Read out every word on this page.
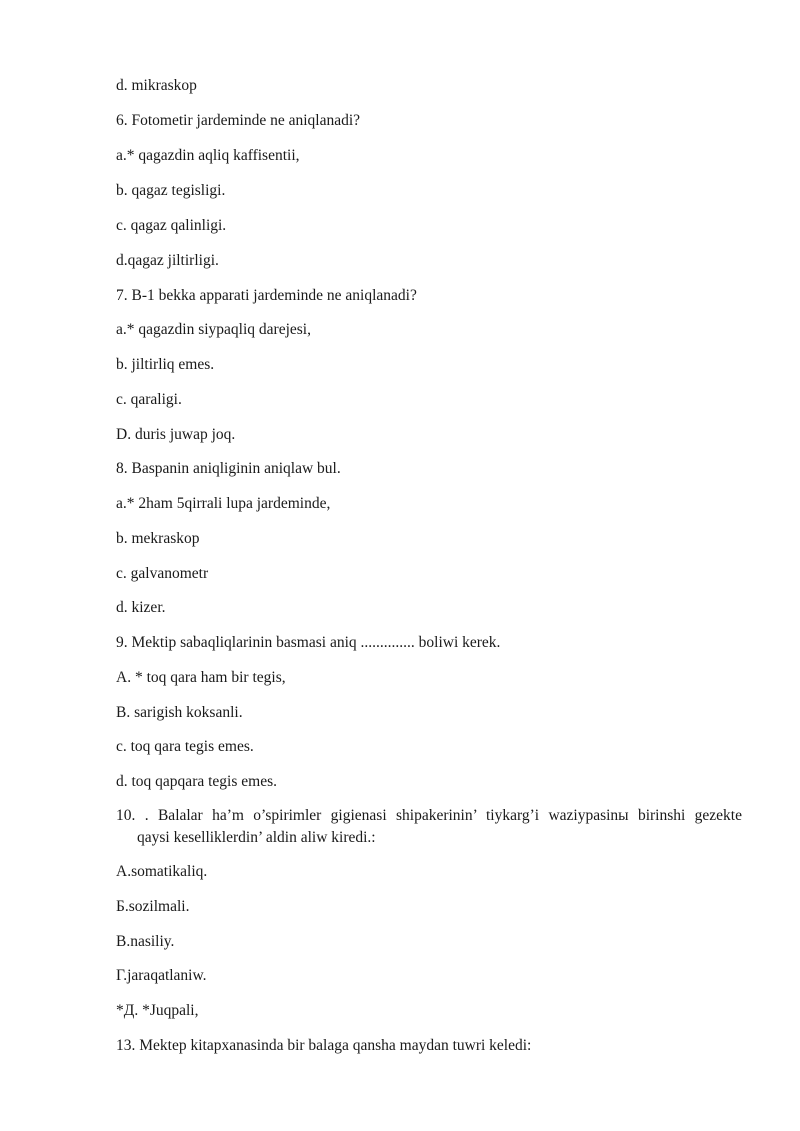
d. mikraskop
6. Fotometir jardeminde ne aniqlanadi?
a.* qagazdin aqliq kaffisentii,
b. qagaz tegisligi.
c. qagaz qalinligi.
d.qagaz jiltirligi.
7. B-1 bekka apparati jardeminde ne aniqlanadi?
a.* qagazdin siypaqliq darejesi,
b. jiltirliq emes.
c. qaraligi.
D. duris juwap joq.
8. Baspanin aniqliginin aniqlaw bul.
a.* 2ham 5qirrali lupa jardeminde,
b. mekraskop
c. galvanometr
d. kizer.
9. Mektip sabaqliqlarinin basmasi aniq .............. boliwi kerek.
A. * toq qara ham bir tegis,
B. sarigish koksanli.
c. toq qara tegis emes.
d. toq qapqara tegis emes.
10. . Balalar ha’m o’spirimler gigienasi shipakerinin’ tiykarg’i waziypasinы birinshi gezekte
qaysi keselliklerdin’ aldin aliw kiredi.:
A.somatikaliq.
Б.sozilmali.
B.nasiliy.
Г.jaraqatlaniw.
*Д. *Juqpali,
13. Mektep kitapxanasinda bir balaga qansha maydan tuwri keledi:
